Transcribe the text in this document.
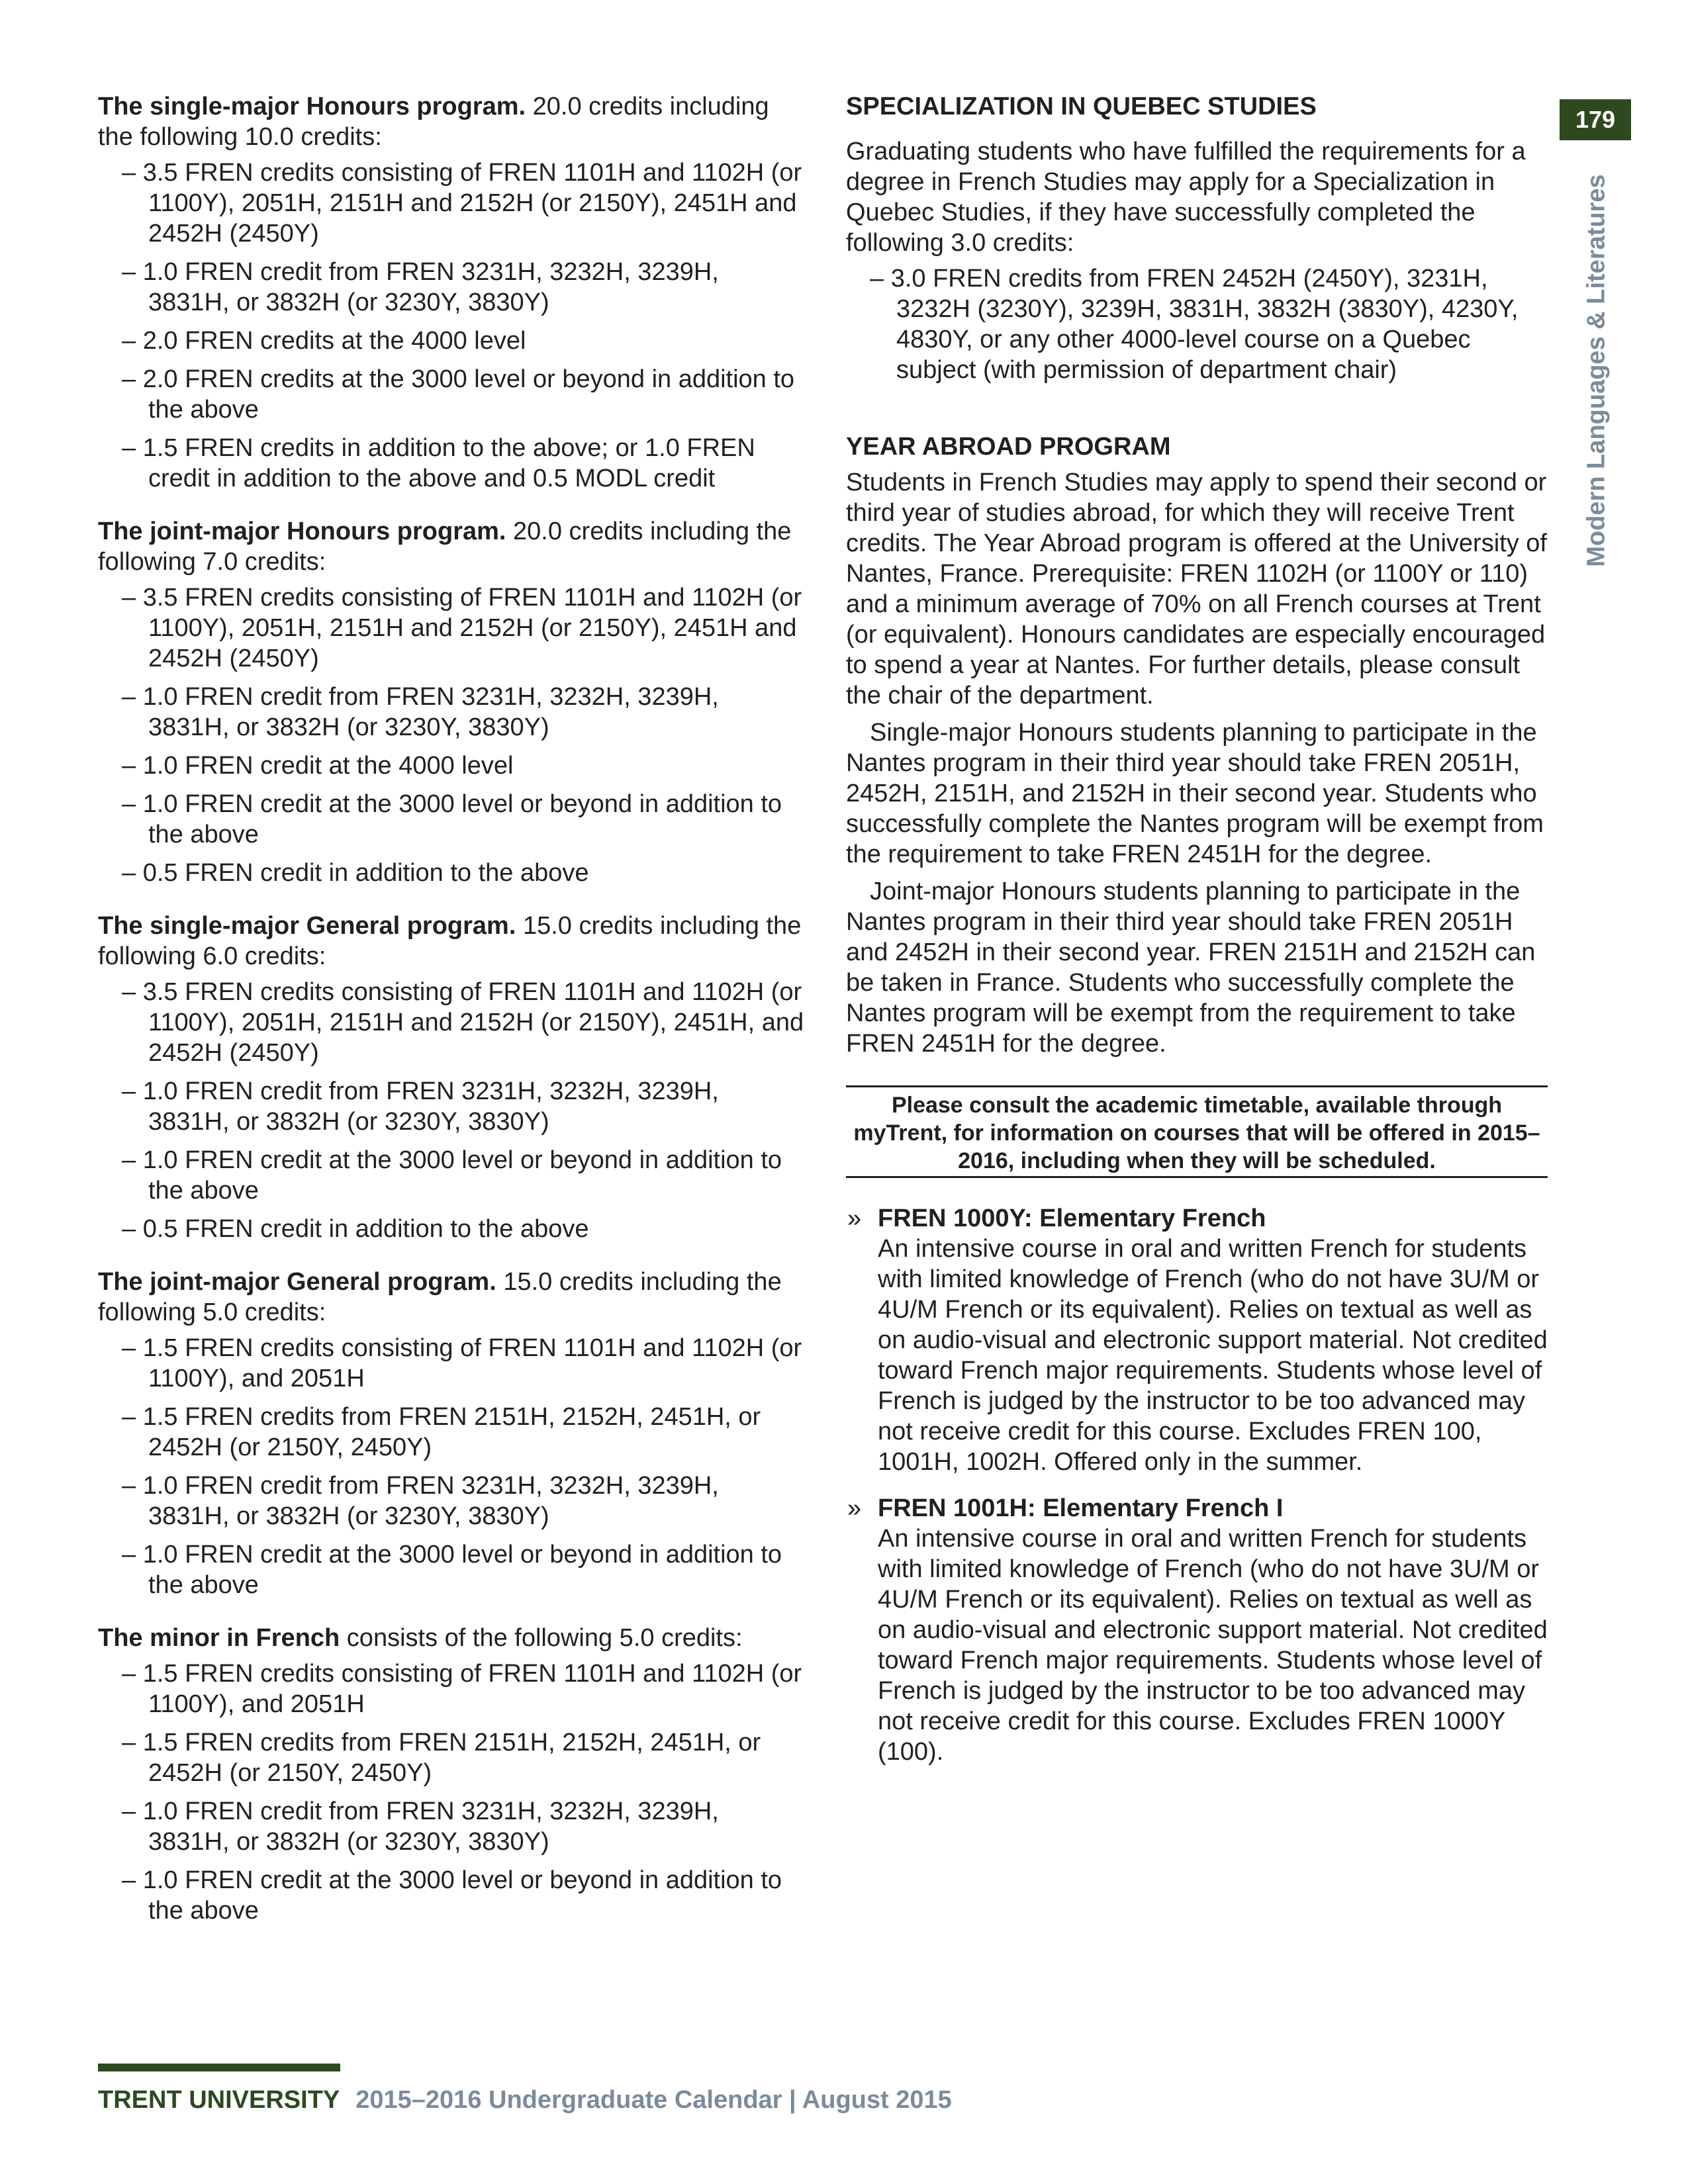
179
Modern Languages & Literatures
The single-major Honours program. 20.0 credits including the following 10.0 credits:
– 3.5 FREN credits consisting of FREN 1101H and 1102H (or 1100Y), 2051H, 2151H and 2152H (or 2150Y), 2451H and 2452H (2450Y)
– 1.0 FREN credit from FREN 3231H, 3232H, 3239H, 3831H, or 3832H (or 3230Y, 3830Y)
– 2.0 FREN credits at the 4000 level
– 2.0 FREN credits at the 3000 level or beyond in addition to the above
– 1.5 FREN credits in addition to the above; or 1.0 FREN credit in addition to the above and 0.5 MODL credit
The joint-major Honours program. 20.0 credits including the following 7.0 credits:
– 3.5 FREN credits consisting of FREN 1101H and 1102H (or 1100Y), 2051H, 2151H and 2152H (or 2150Y), 2451H and 2452H (2450Y)
– 1.0 FREN credit from FREN 3231H, 3232H, 3239H, 3831H, or 3832H (or 3230Y, 3830Y)
– 1.0 FREN credit at the 4000 level
– 1.0 FREN credit at the 3000 level or beyond in addition to the above
– 0.5 FREN credit in addition to the above
The single-major General program. 15.0 credits including the following 6.0 credits:
– 3.5 FREN credits consisting of FREN 1101H and 1102H (or 1100Y), 2051H, 2151H and 2152H (or 2150Y), 2451H, and 2452H (2450Y)
– 1.0 FREN credit from FREN 3231H, 3232H, 3239H, 3831H, or 3832H (or 3230Y, 3830Y)
– 1.0 FREN credit at the 3000 level or beyond in addition to the above
– 0.5 FREN credit in addition to the above
The joint-major General program. 15.0 credits including the following 5.0 credits:
– 1.5 FREN credits consisting of FREN 1101H and 1102H (or 1100Y), and 2051H
– 1.5 FREN credits from FREN 2151H, 2152H, 2451H, or 2452H (or 2150Y, 2450Y)
– 1.0 FREN credit from FREN 3231H, 3232H, 3239H, 3831H, or 3832H (or 3230Y, 3830Y)
– 1.0 FREN credit at the 3000 level or beyond in addition to the above
The minor in French consists of the following 5.0 credits:
– 1.5 FREN credits consisting of FREN 1101H and 1102H (or 1100Y), and 2051H
– 1.5 FREN credits from FREN 2151H, 2152H, 2451H, or 2452H (or 2150Y, 2450Y)
– 1.0 FREN credit from FREN 3231H, 3232H, 3239H, 3831H, or 3832H (or 3230Y, 3830Y)
– 1.0 FREN credit at the 3000 level or beyond in addition to the above
SPECIALIZATION IN QUEBEC STUDIES

Graduating students who have fulfilled the requirements for a degree in French Studies may apply for a Specialization in Quebec Studies, if they have successfully completed the following 3.0 credits:

– 3.0 FREN credits from FREN 2452H (2450Y), 3231H, 3232H (3230Y), 3239H, 3831H, 3832H (3830Y), 4230Y, 4830Y, or any other 4000-level course on a Quebec subject (with permission of department chair)
YEAR ABROAD PROGRAM

Students in French Studies may apply to spend their second or third year of studies abroad, for which they will receive Trent credits. The Year Abroad program is offered at the University of Nantes, France. Prerequisite: FREN 1102H (or 1100Y or 110) and a minimum average of 70% on all French courses at Trent (or equivalent). Honours candidates are especially encouraged to spend a year at Nantes. For further details, please consult the chair of the department.

Single-major Honours students planning to participate in the Nantes program in their third year should take FREN 2051H, 2452H, 2151H, and 2152H in their second year. Students who successfully complete the Nantes program will be exempt from the requirement to take FREN 2451H for the degree.

Joint-major Honours students planning to participate in the Nantes program in their third year should take FREN 2051H and 2452H in their second year. FREN 2151H and 2152H can be taken in France. Students who successfully complete the Nantes program will be exempt from the requirement to take FREN 2451H for the degree.

Please consult the academic timetable, available through myTrent, for information on courses that will be offered in 2015–2016, including when they will be scheduled.
» FREN 1000Y: Elementary French
An intensive course in oral and written French for students with limited knowledge of French (who do not have 3U/M or 4U/M French or its equivalent). Relies on textual as well as on audio-visual and electronic support material. Not credited toward French major requirements. Students whose level of French is judged by the instructor to be too advanced may not receive credit for this course. Excludes FREN 100, 1001H, 1002H. Offered only in the summer.
» FREN 1001H: Elementary French I
An intensive course in oral and written French for students with limited knowledge of French (who do not have 3U/M or 4U/M French or its equivalent). Relies on textual as well as on audio-visual and electronic support material. Not credited toward French major requirements. Students whose level of French is judged by the instructor to be too advanced may not receive credit for this course. Excludes FREN 1000Y (100).
TRENT UNIVERSITY 2015–2016 Undergraduate Calendar | August 2015
